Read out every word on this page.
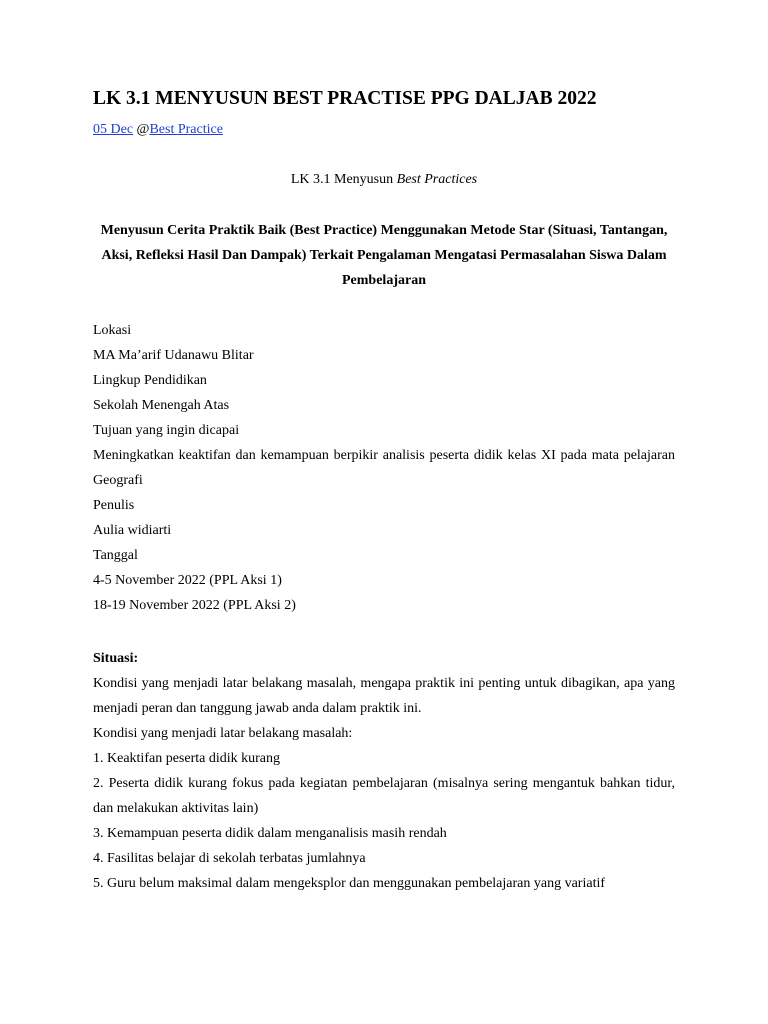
LK 3.1 MENYUSUN BEST PRACTISE PPG DALJAB 2022
05 Dec @Best Practice
LK 3.1 Menyusun Best Practices

Menyusun Cerita Praktik Baik (Best Practice) Menggunakan Metode Star (Situasi, Tantangan, Aksi, Refleksi Hasil Dan Dampak) Terkait Pengalaman Mengatasi Permasalahan Siswa Dalam Pembelajaran

Lokasi

MA Ma’arif Udanawu Blitar

Lingkup Pendidikan

Sekolah Menengah Atas

Tujuan yang ingin dicapai

Meningkatkan keaktifan dan kemampuan berpikir analisis peserta didik kelas XI pada mata pelajaran Geografi

Penulis

Aulia widiarti

Tanggal

4-5 November 2022 (PPL Aksi 1)

18-19 November 2022 (PPL Aksi 2)

Situasi:

Kondisi yang menjadi latar belakang masalah, mengapa praktik ini penting untuk dibagikan, apa yang menjadi peran dan tanggung jawab anda dalam praktik ini.

Kondisi yang menjadi latar belakang masalah:

1. Keaktifan peserta didik kurang

2. Peserta didik kurang fokus pada kegiatan pembelajaran (misalnya sering mengantuk bahkan tidur, dan melakukan aktivitas lain)

3. Kemampuan peserta didik dalam menganalisis masih rendah

4. Fasilitas belajar di sekolah terbatas jumlahnya

5. Guru belum maksimal dalam mengeksplor dan menggunakan pembelajaran yang variatif
